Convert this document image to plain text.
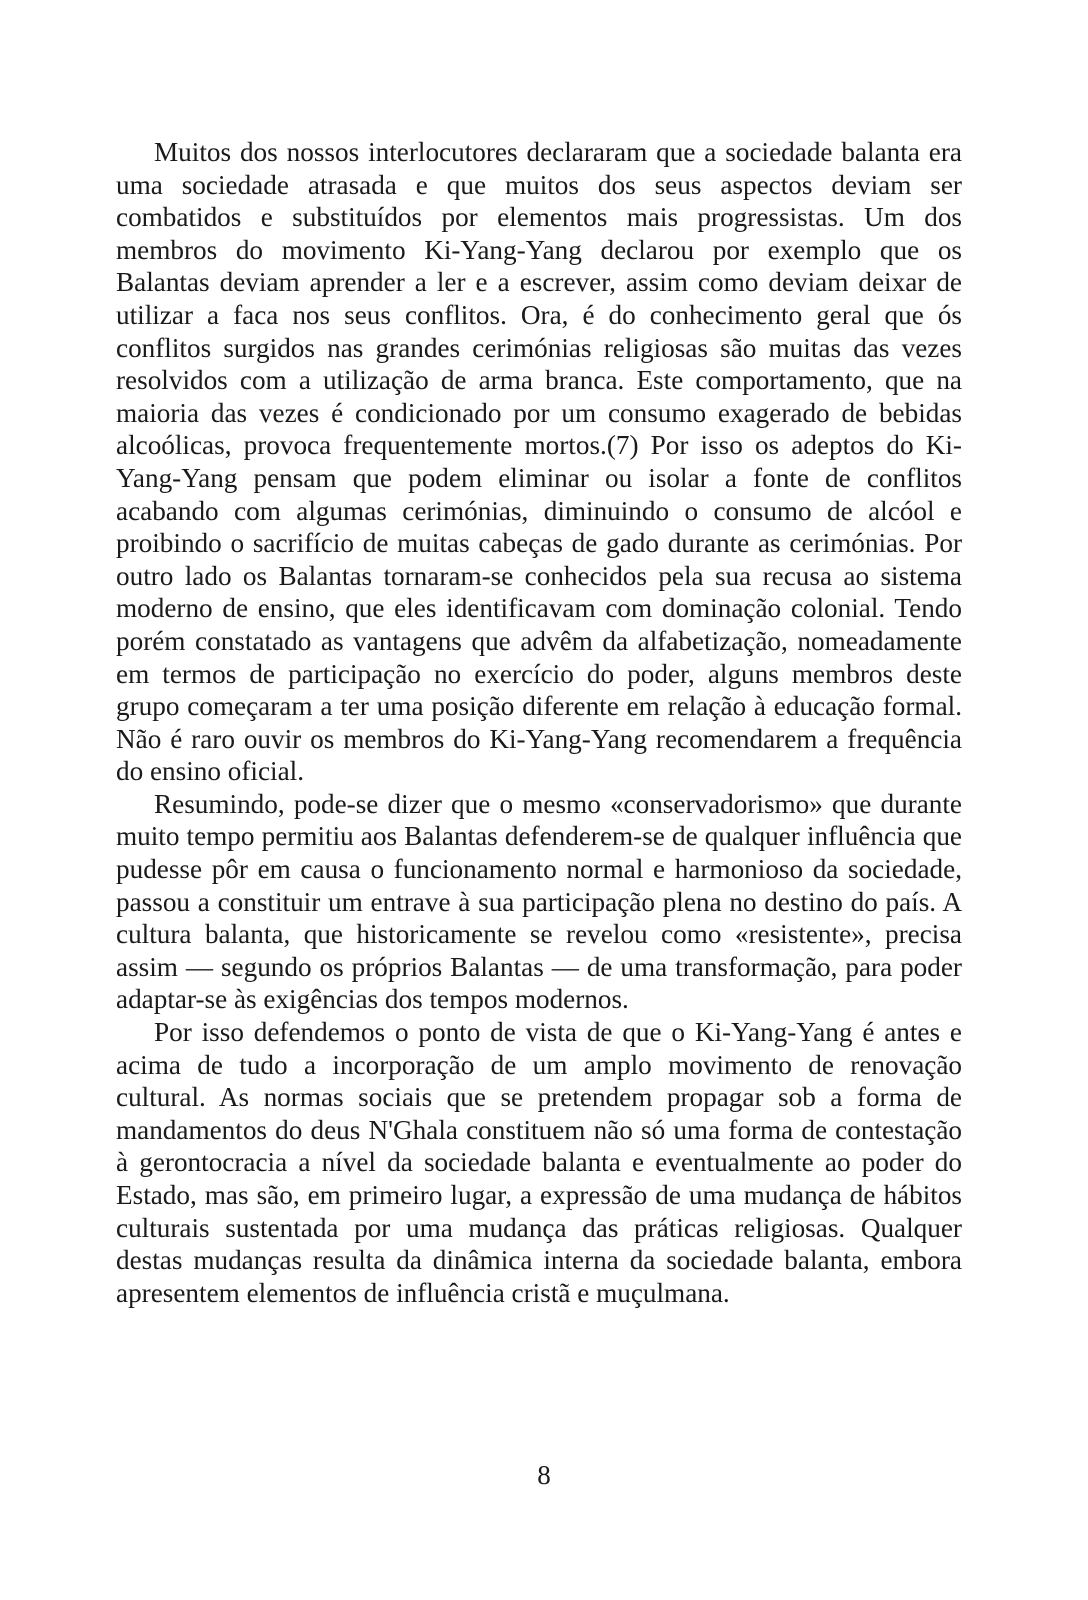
Muitos dos nossos interlocutores declararam que a sociedade balanta era uma sociedade atrasada e que muitos dos seus aspectos deviam ser combatidos e substituídos por elementos mais progressistas. Um dos membros do movimento Ki-Yang-Yang declarou por exemplo que os Balantas deviam aprender a ler e a escrever, assim como deviam deixar de utilizar a faca nos seus conflitos. Ora, é do conhecimento geral que ós conflitos surgidos nas grandes cerimónias religiosas são muitas das vezes resolvidos com a utilização de arma branca. Este comportamento, que na maioria das vezes é condicionado por um consumo exagerado de bebidas alcoólicas, provoca frequentemente mortos.(7) Por isso os adeptos do Ki-Yang-Yang pensam que podem eliminar ou isolar a fonte de conflitos acabando com algumas cerimónias, diminuindo o consumo de alcóol e proibindo o sacrifício de muitas cabeças de gado durante as cerimónias. Por outro lado os Balantas tornaram-se conhecidos pela sua recusa ao sistema moderno de ensino, que eles identificavam com dominação colonial. Tendo porém constatado as vantagens que advêm da alfabetização, nomeadamente em termos de participação no exercício do poder, alguns membros deste grupo começaram a ter uma posição diferente em relação à educação formal. Não é raro ouvir os membros do Ki-Yang-Yang recomendarem a frequência do ensino oficial.

Resumindo, pode-se dizer que o mesmo «conservadorismo» que durante muito tempo permitiu aos Balantas defenderem-se de qualquer influência que pudesse pôr em causa o funcionamento normal e harmonioso da sociedade, passou a constituir um entrave à sua participação plena no destino do país. A cultura balanta, que historicamente se revelou como «resistente», precisa assim — segundo os próprios Balantas — de uma transformação, para poder adaptar-se às exigências dos tempos modernos.

Por isso defendemos o ponto de vista de que o Ki-Yang-Yang é antes e acima de tudo a incorporação de um amplo movimento de renovação cultural. As normas sociais que se pretendem propagar sob a forma de mandamentos do deus N'Ghala constituem não só uma forma de contestação à gerontocracia a nível da sociedade balanta e eventualmente ao poder do Estado, mas são, em primeiro lugar, a expressão de uma mudança de hábitos culturais sustentada por uma mudança das práticas religiosas. Qualquer destas mudanças resulta da dinâmica interna da sociedade balanta, embora apresentem elementos de influência cristã e muçulmana.

8
